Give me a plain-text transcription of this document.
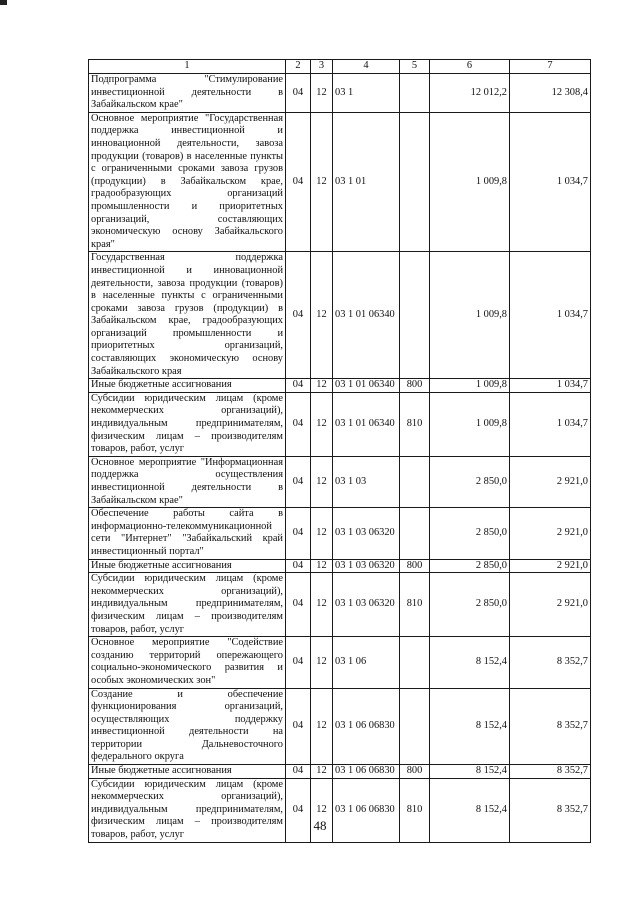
1	2	3	4	5	6	7
Подпрограмма "Стимулирование инвестиционной деятельности в Забайкальском крае"	04	12	03 1		12 012,2	12 308,4
Основное мероприятие "Государственная поддержка инвестиционной и инновационной деятельности, завоза продукции (товаров) в населенные пункты с ограниченными сроками завоза грузов (продукции) в Забайкальском крае, градообразующих организаций промышленности и приоритетных организаций, составляющих экономическую основу Забайкальского края"	04	12	03 1 01		1 009,8	1 034,7
Государственная поддержка инвестиционной и инновационной деятельности, завоза продукции (товаров) в населенные пункты с ограниченными сроками завоза грузов (продукции) в Забайкальском крае, градообразующих организаций промышленности и приоритетных организаций, составляющих экономическую основу Забайкальского края	04	12	03 1 01 06340		1 009,8	1 034,7
Иные бюджетные ассигнования	04	12	03 1 01 06340	800	1 009,8	1 034,7
Субсидии юридическим лицам (кроме некоммерческих организаций), индивидуальным предпринимателям, физическим лицам – производителям товаров, работ, услуг	04	12	03 1 01 06340	810	1 009,8	1 034,7
Основное мероприятие "Информационная поддержка осуществления инвестиционной деятельности в Забайкальском крае"	04	12	03 1 03		2 850,0	2 921,0
Обеспечение работы сайта в информационно-телекоммуникационной сети "Интернет" "Забайкальский край инвестиционный портал"	04	12	03 1 03 06320		2 850,0	2 921,0
Иные бюджетные ассигнования	04	12	03 1 03 06320	800	2 850,0	2 921,0
Субсидии юридическим лицам (кроме некоммерческих организаций), индивидуальным предпринимателям, физическим лицам – производителям товаров, работ, услуг	04	12	03 1 03 06320	810	2 850,0	2 921,0
Основное мероприятие "Содействие созданию территорий опережающего социально-экономического развития и особых экономических зон"	04	12	03 1 06		8 152,4	8 352,7
Создание и обеспечение функционирования организаций, осуществляющих поддержку инвестиционной деятельности на территории Дальневосточного федерального округа	04	12	03 1 06 06830		8 152,4	8 352,7
Иные бюджетные ассигнования	04	12	03 1 06 06830	800	8 152,4	8 352,7
Субсидии юридическим лицам (кроме некоммерческих организаций), индивидуальным предпринимателям, физическим лицам – производителям товаров, работ, услуг	04	12	03 1 06 06830	810	8 152,4	8 352,7
48
